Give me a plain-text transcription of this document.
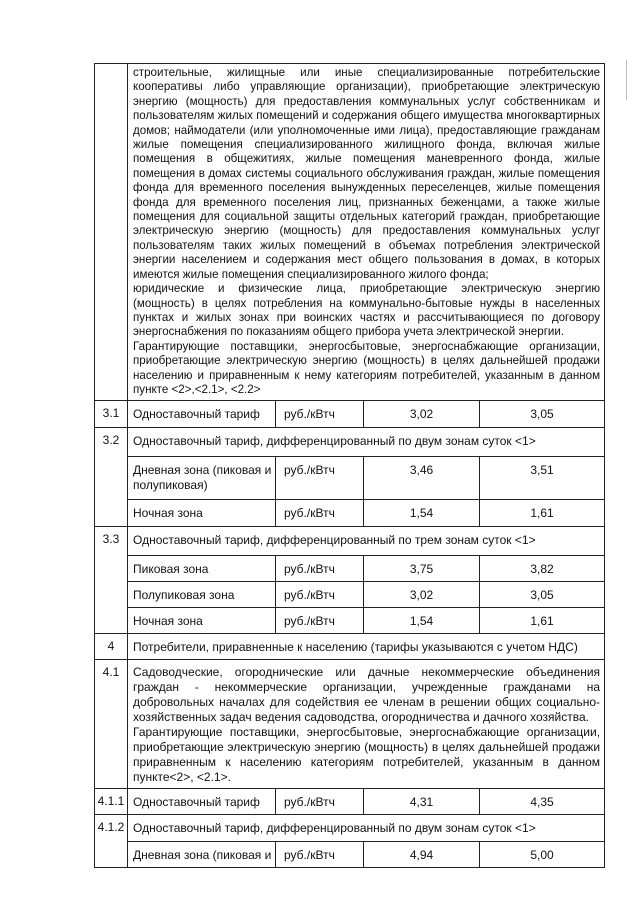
	строительные, жилищные или иные специализированные потребительские кооперативы либо управляющие организации), приобретающие электрическую энергию (мощность) для предоставления коммунальных услуг собственникам и пользователям жилых помещений и содержания общего имущества многоквартирных домов; наймодатели (или уполномоченные ими лица), предоставляющие гражданам жилые помещения специализированного жилищного фонда, включая жилые помещения в общежитиях, жилые помещения маневренного фонда, жилые помещения в домах системы социального обслуживания граждан, жилые помещения фонда для временного поселения вынужденных переселенцев, жилые помещения фонда для временного поселения лиц, признанных беженцами, а также жилые помещения для социальной защиты отдельных категорий граждан, приобретающие электрическую энергию (мощность) для предоставления коммунальных услуг пользователям таких жилых помещений в объемах потребления электрической энергии населением и содержания мест общего пользования в домах, в которых имеются жилые помещения специализированного жилого фонда;
юридические и физические лица, приобретающие электрическую энергию (мощность) в целях потребления на коммунально-бытовые нужды в населенных пунктах и жилых зонах при воинских частях и рассчитывающиеся по договору энергоснабжения по показаниям общего прибора учета электрической энергии.
Гарантирующие поставщики, энергосбытовые, энергоснабжающие организации, приобретающие электрическую энергию (мощность) в целях дальнейшей продажи населению и приравненным к нему категориям потребителей, указанным в данном пункте <2>,<2.1>, <2.2>			

3.1	Одноставочный тариф	руб./кВтч	3,02	3,05
3.2	Одноставочный тариф, дифференцированный по двум зонам суток <1>			
	Дневная зона (пиковая и полупиковая)	руб./кВтч	3,46	3,51
	Ночная зона	руб./кВтч	1,54	1,61
3.3	Одноставочный тариф, дифференцированный по трем зонам суток <1>			
	Пиковая зона	руб./кВтч	3,75	3,82
	Полупиковая зона	руб./кВтч	3,02	3,05
	Ночная зона	руб./кВтч	1,54	1,61
4	Потребители, приравненные к населению (тарифы указываются с учетом НДС)			
4.1	Садоводческие, огороднические или дачные некоммерческие объединения граждан - некоммерческие организации, учрежденные гражданами на добровольных началах для содействия ее членам в решении общих социально-хозяйственных задач ведения садоводства, огородничества и дачного хозяйства.
Гарантирующие поставщики, энергосбытовые, энергоснабжающие организации, приобретающие электрическую энергию (мощность) в целях дальнейшей продажи приравненным к населению категориям потребителей, указанным в данном пункте<2>, <2.1>.			

4.1.1	Одноставочный тариф	руб./кВтч	4,31	4,35
4.1.2	Одноставочный тариф, дифференцированный по двум зонам суток <1>			
	Дневная зона (пиковая и	руб./кВтч	4,94	5,00
